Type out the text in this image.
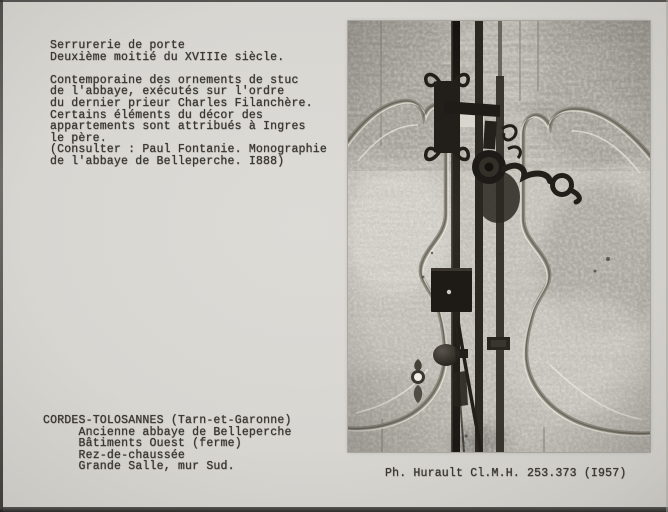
Serrurerie de porte
Deuxième moitié du XVIIIe siècle.
Contemporaine des ornements de stuc
de l'abbaye, exécutés sur l'ordre
du dernier prieur Charles Filanchère.
Certains éléments du décor des
appartements sont attribués à Ingres
le père.
(Consulter : Paul Fontanie. Monographie
de l'abbaye de Belleperche. I888)
CORDES-TOLOSANNES (Tarn-et-Garonne)
Ancienne abbaye de Belleperche
Bâtiments Ouest (ferme)
Rez-de-chaussée
Grande Salle, mur Sud.
Ph. Hurault Cl.M.H. 253.373 (I957)
